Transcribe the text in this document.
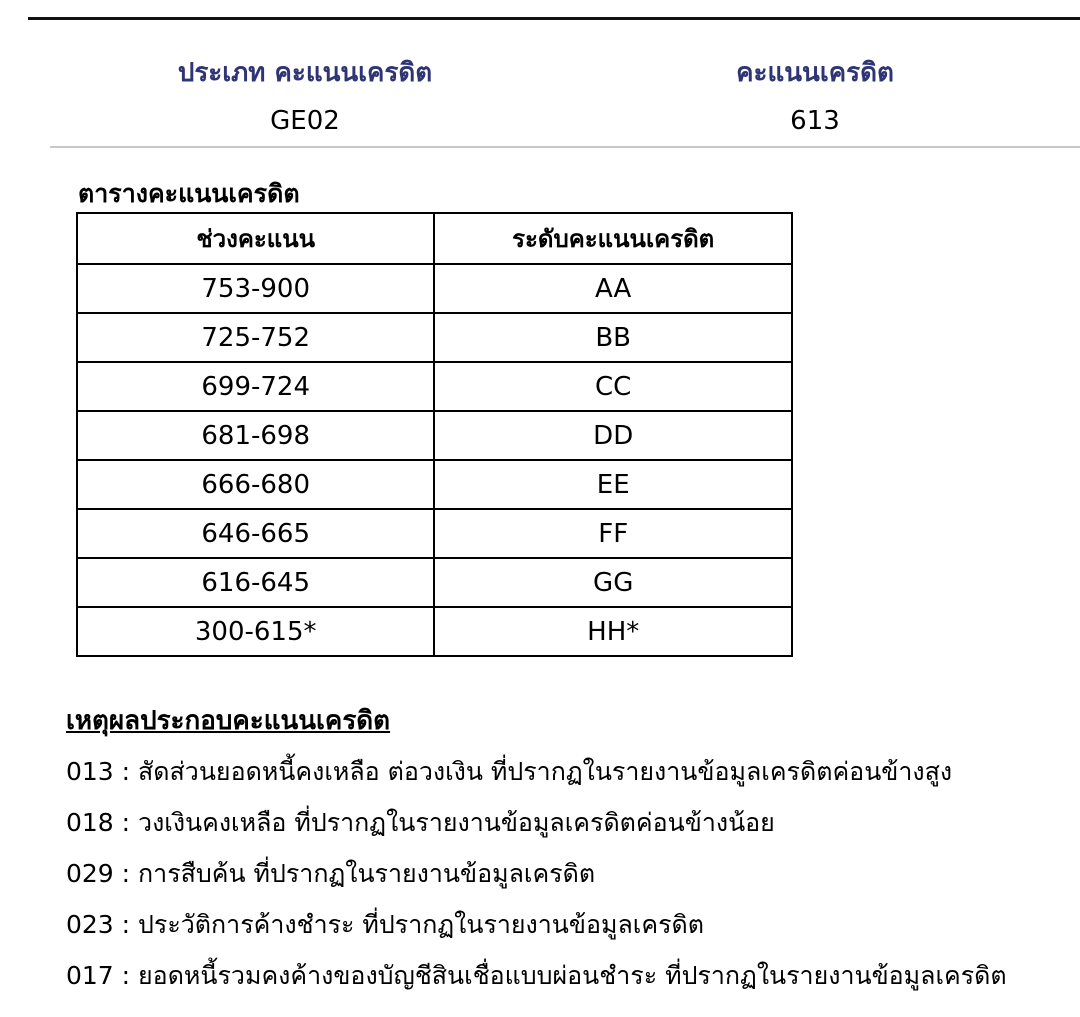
ประเภท คะแนนเครดิต	คะแนนเครดิต
GE02	613
ตารางคะแนนเครดิต
ช่วงคะแนน	ระดับคะแนนเครดิต
753-900	AA
725-752	BB
699-724	CC
681-698	DD
666-680	EE
646-665	FF
616-645	GG
300-615*	HH*
เหตุผลประกอบคะแนนเครดิต
013 : สัดส่วนยอดหนี้คงเหลือ ต่อวงเงิน ที่ปรากฏในรายงานข้อมูลเครดิตค่อนข้างสูง
018 : วงเงินคงเหลือ ที่ปรากฏในรายงานข้อมูลเครดิตค่อนข้างน้อย
029 : การสืบค้น ที่ปรากฏในรายงานข้อมูลเครดิต
023 : ประวัติการค้างชำระ ที่ปรากฏในรายงานข้อมูลเครดิต
017 : ยอดหนี้รวมคงค้างของบัญชีสินเชื่อแบบผ่อนชำระ ที่ปรากฏในรายงานข้อมูลเครดิต
